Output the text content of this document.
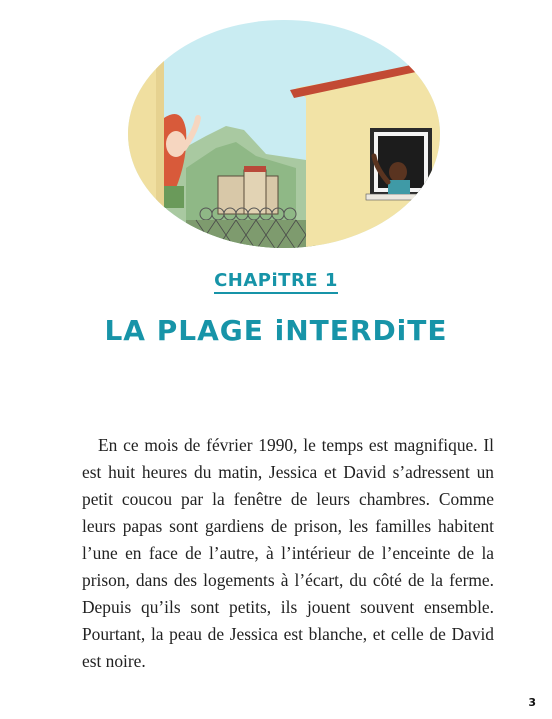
CHAPiTRE 1
LA PLAGE iNTERDiTE

En ce mois de février 1990, le temps est magnifique. Il est huit heures du matin, Jessica et David s’adressent un petit coucou par la fenêtre de leurs chambres. Comme leurs papas sont gardiens de prison, les familles habitent l’une en face de l’autre, à l’intérieur de l’enceinte de la prison, dans des logements à l’écart, du côté de la ferme. Depuis qu’ils sont petits, ils jouent souvent ensemble. Pourtant, la peau de Jessica est blanche, et celle de David est noire.

3
